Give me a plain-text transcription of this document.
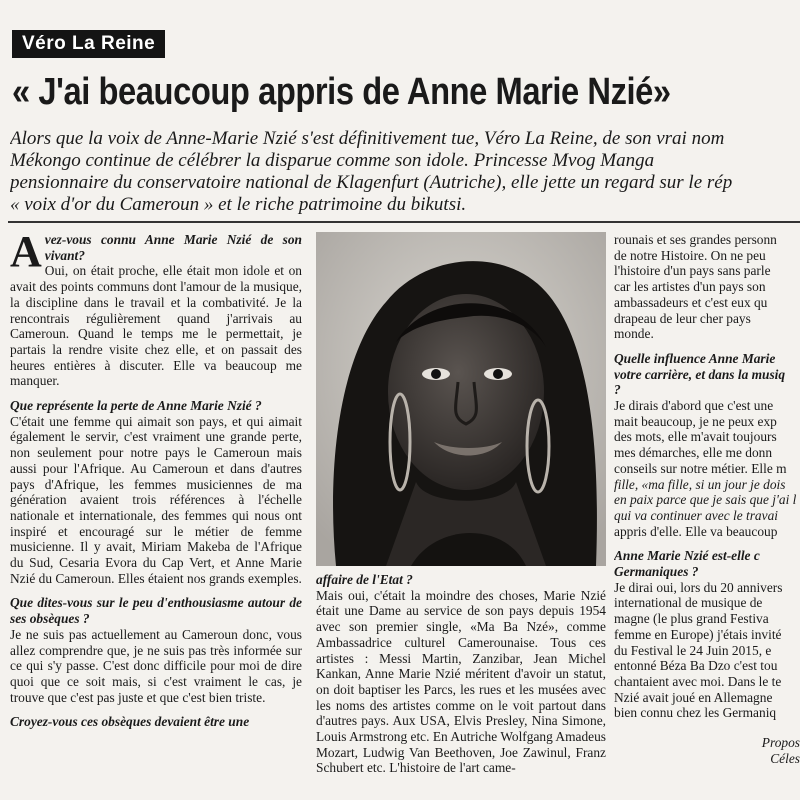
Véro La Reine
« J'ai beaucoup appris de Anne Marie Nzié»
Alors que la voix de Anne-Marie Nzié s'est définitivement tue, Véro La Reine, de son vrai nom
Mékongo continue de célébrer la disparue comme son idole. Princesse Mvog Manga
pensionnaire du conservatoire national de Klagenfurt (Autriche), elle jette un regard sur le rép
« voix d'or du Cameroun » et le riche patrimoine du bikutsi.

Avez-vous connu Anne Marie Nzié de son vivant?

Oui, on était proche, elle était mon idole et on avait des points communs dont l'amour de la musique, la discipline dans le travail et la combativité. Je la rencontrais régulièrement quand j'arrivais au Cameroun. Quand le temps me le permettait, je partais la rendre visite chez elle, et on passait des heures entières à discuter. Elle va beaucoup me manquer.

Que représente la perte de Anne Marie Nzié ?

C'était une femme qui aimait son pays, et qui aimait également le servir, c'est vraiment une grande perte, non seulement pour notre pays le Cameroun mais aussi pour l'Afrique. Au Cameroun et dans d'autres pays d'Afrique, les femmes musiciennes de ma génération avaient trois références à l'échelle nationale et internationale, des femmes qui nous ont inspiré et encouragé sur le métier de femme musicienne. Il y avait, Miriam Makeba de l'Afrique du Sud, Cesaria Evora du Cap Vert, et Anne Marie Nzié du Cameroun. Elles étaient nos grands exemples.

Que dites-vous sur le peu d'enthousiasme autour de ses obsèques ?

Je ne suis pas actuellement au Cameroun donc, vous allez comprendre que, je ne suis pas très informée sur ce qui s'y passe. C'est donc difficile pour moi de dire quoi que ce soit mais, si c'est vraiment le cas, je trouve que c'est pas juste et que c'est bien triste.

Croyez-vous ces obsèques devaient être une

affaire de l'Etat ?

Mais oui, c'était la moindre des choses, Marie Nzié était une Dame au service de son pays depuis 1954 avec son premier single, «Ma Ba Nzé», comme Ambassadrice culturel Camerounaise. Tous ces artistes : Messi Martin, Zanzibar, Jean Michel Kankan, Anne Marie Nzié méritent d'avoir un statut, on doit baptiser les Parcs, les rues et les musées avec les noms des artistes comme on le voit partout dans d'autres pays. Aux USA, Elvis Presley, Nina Simone, Louis Armstrong etc. En Autriche Wolfgang Amadeus Mozart, Ludwig Van Beethoven, Joe Zawinul, Franz Schubert etc. L'histoire de l'art came-

rounais et ses grandes personn

de notre Histoire. On ne peu

l'histoire d'un pays sans parle

car les artistes d'un pays son

ambassadeurs et c'est eux qu

drapeau de leur cher pays

monde.

Quelle influence Anne Marie

votre carrière, et dans la musiq

?

Je dirais d'abord que c'est une

mait beaucoup, je ne peux exp

des mots, elle m'avait toujours

mes démarches, elle me donn

conseils sur notre métier. Elle m

fille, «ma fille, si un jour je dois

en paix parce que je sais que j'ai l

qui va continuer avec le travai

appris d'elle. Elle va beaucoup

Anne Marie Nzié est-elle c

Germaniques ?

Je dirai oui, lors du 20 annivers

international de musique de

magne (le plus grand Festiva

femme en Europe) j'étais invité

du Festival le 24 Juin 2015, e

entonné Béza Ba Dzo c'est tou

chantaient avec moi. Dans le te

Nzié avait joué en Allemagne

bien connu chez les Germaniq

Propos

Céles
